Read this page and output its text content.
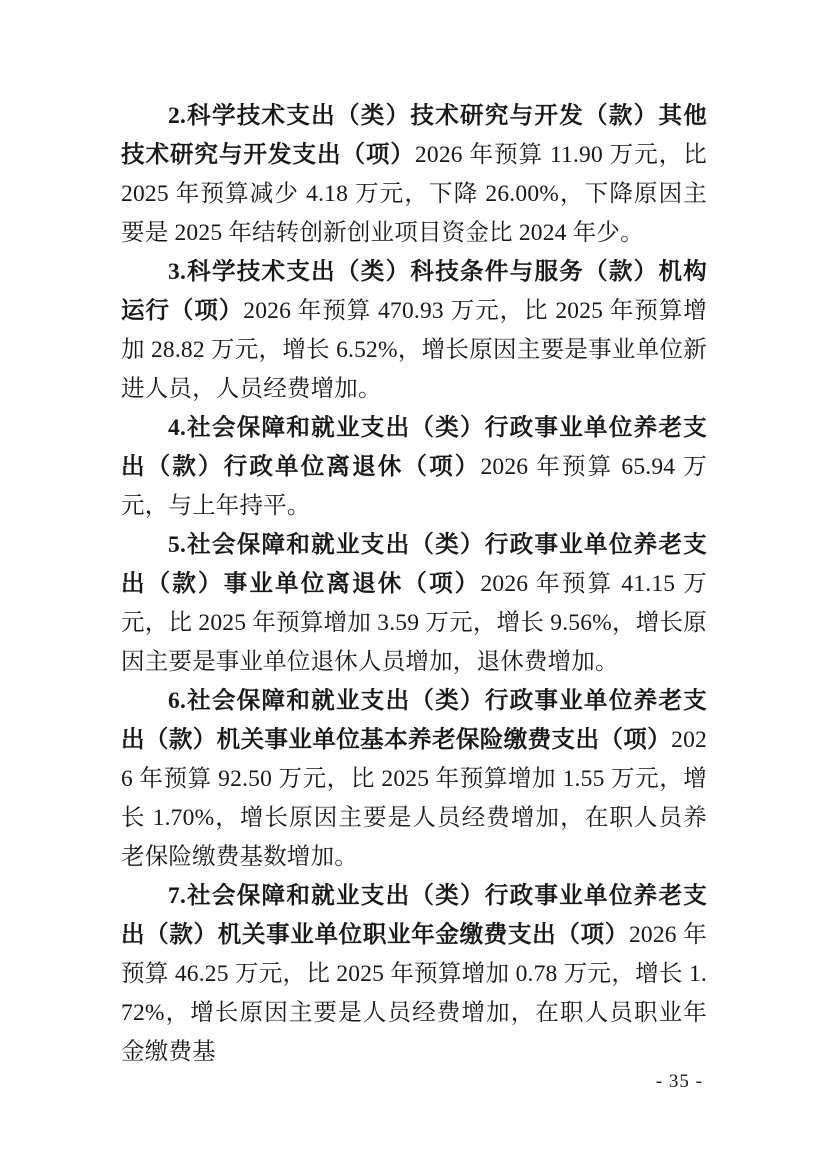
2.科学技术支出（类）技术研究与开发（款）其他技术研究与开发支出（项）2026 年预算 11.90 万元，比 2025 年预算减少 4.18 万元，下降 26.00%，下降原因主要是 2025 年结转创新创业项目资金比 2024 年少。

3.科学技术支出（类）科技条件与服务（款）机构运行（项）2026 年预算 470.93 万元，比 2025 年预算增加 28.82 万元，增长 6.52%，增长原因主要是事业单位新进人员，人员经费增加。

4.社会保障和就业支出（类）行政事业单位养老支出（款）行政单位离退休（项）2026 年预算 65.94 万元，与上年持平。

5.社会保障和就业支出（类）行政事业单位养老支出（款）事业单位离退休（项）2026 年预算 41.15 万元，比 2025 年预算增加 3.59 万元，增长 9.56%，增长原因主要是事业单位退休人员增加，退休费增加。

6.社会保障和就业支出（类）行政事业单位养老支出（款）机关事业单位基本养老保险缴费支出（项）2026 年预算 92.50 万元，比 2025 年预算增加 1.55 万元，增长 1.70%，增长原因主要是人员经费增加，在职人员养老保险缴费基数增加。

7.社会保障和就业支出（类）行政事业单位养老支出（款）机关事业单位职业年金缴费支出（项）2026 年预算 46.25 万元，比 2025 年预算增加 0.78 万元，增长 1.72%，增长原因主要是人员经费增加，在职人员职业年金缴费基

- 35 -
